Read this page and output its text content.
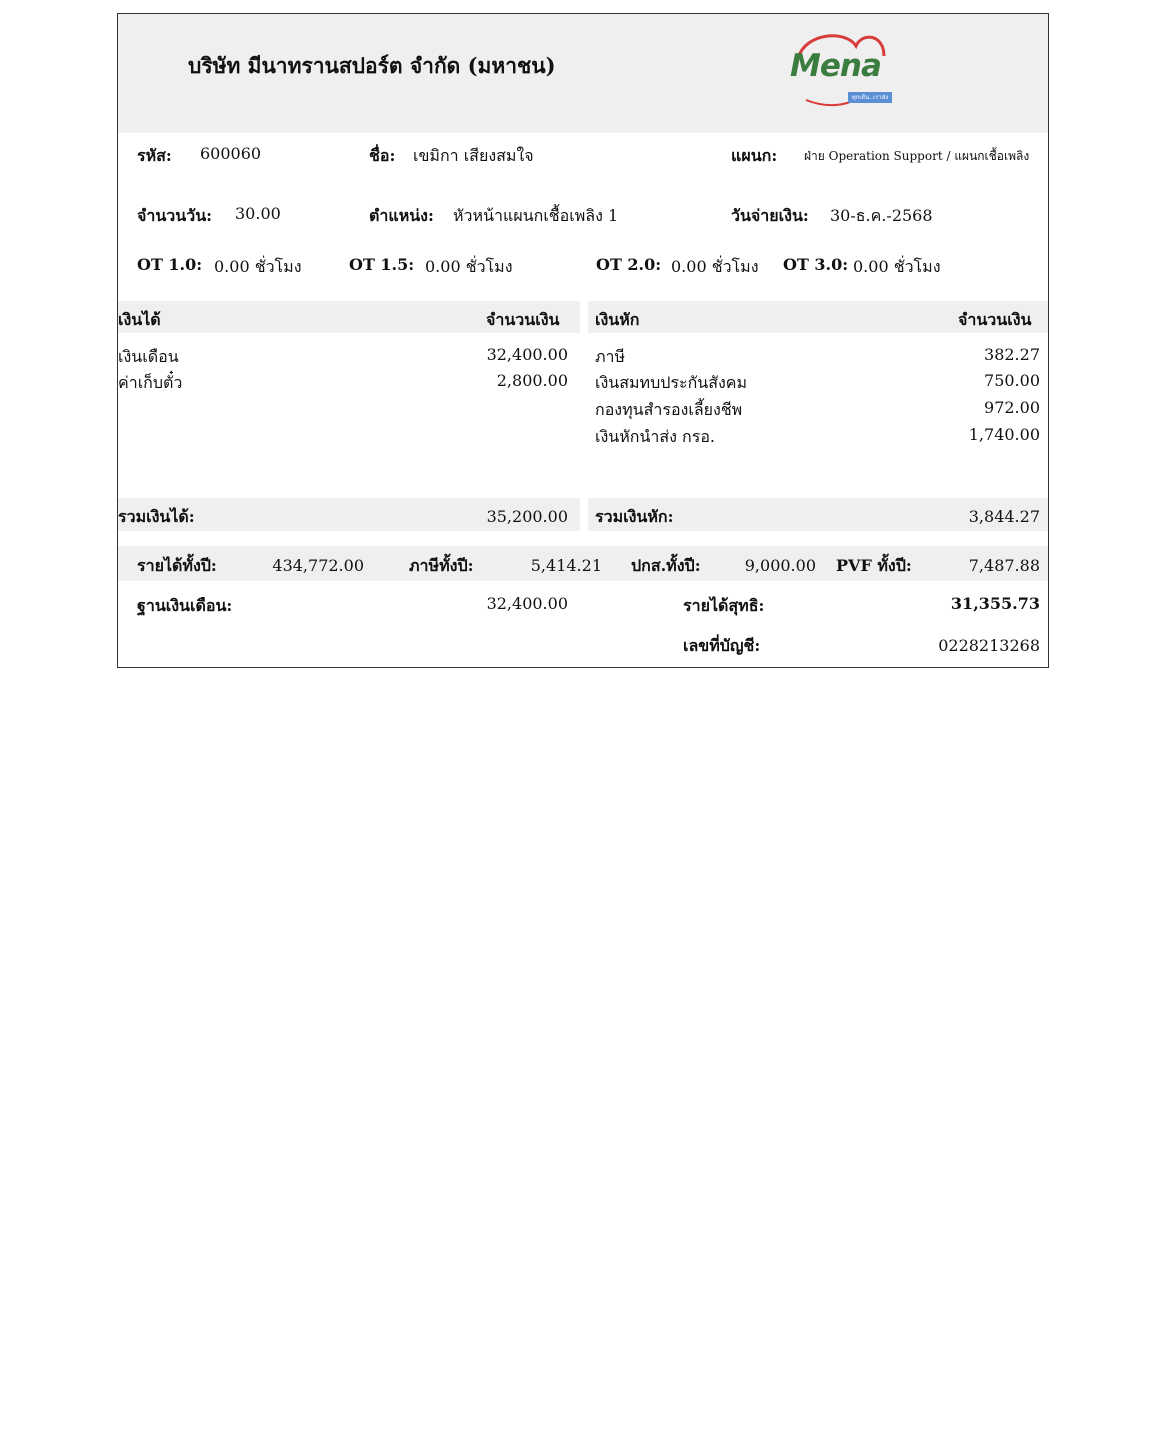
บริษัท มีนาทรานสปอร์ต จำกัด (มหาชน)	Mena
ทุกเส้น..เราส่ง
รหัส: 600060	ชื่อ: เขมิกา เสียงสมใจ	แผนก: ฝ่าย Operation Support / แผนกเชื้อเพลิง
จำนวนวัน: 30.00	ตำแหน่ง: หัวหน้าแผนกเชื้อเพลิง 1	วันจ่ายเงิน: 30-ธ.ค.-2568
OT 1.0: 0.00 ชั่วโมง	OT 1.5: 0.00 ชั่วโมง	OT 2.0: 0.00 ชั่วโมง OT 3.0: 0.00 ชั่วโมง
เงินได้	จำนวนเงิน เงินหัก	จำนวนเงิน
เงินเดือน	32,400.00
ค่าเก็บตั๋ว	2,800.00
ภาษี	382.27
เงินสมทบประกันสังคม	750.00
กองทุนสำรองเลี้ยงชีพ	972.00
เงินหักนำส่ง กรอ.	1,740.00
รวมเงินได้:	35,200.00 รวมเงินหัก:	3,844.27
รายได้ทั้งปี:	434,772.00	ภาษีทั้งปี:	5,414.21 ปกส.ทั้งปี:	9,000.00 PVF ทั้งปี:	7,487.88
ฐานเงินเดือน:	32,400.00	รายได้สุทธิ:	31,355.73
เลขที่บัญชี:	0228213268
